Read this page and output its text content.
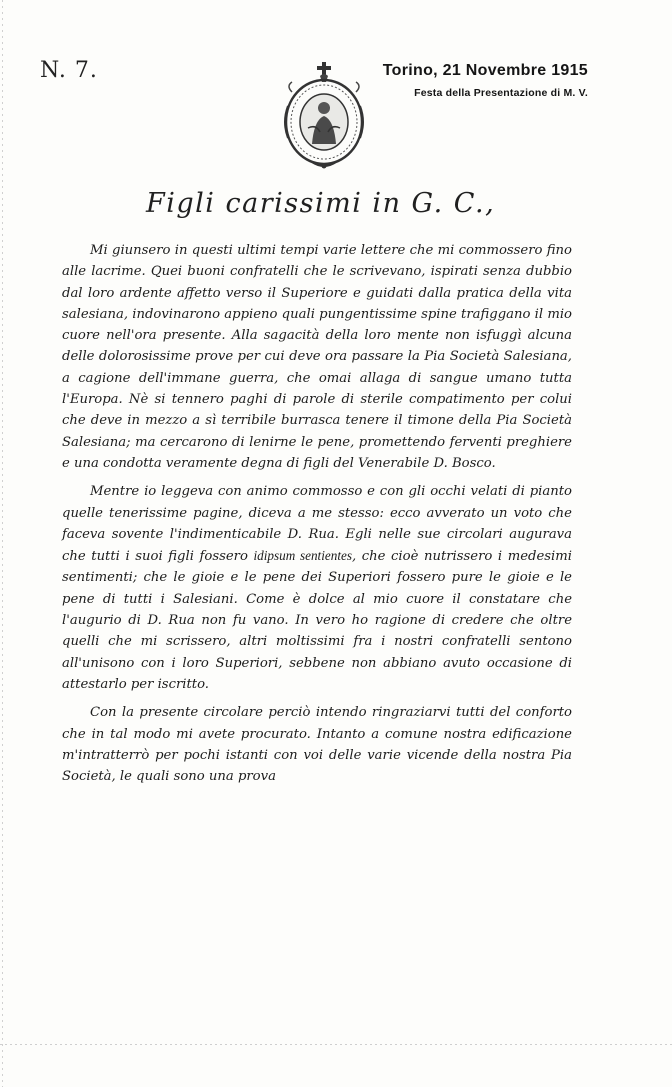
N. 7.	Torino, 21 Novembre 1915
Festa della Presentazione di M. V.
Figli carissimi in G. C.,

Mi giunsero in questi ultimi tempi varie lettere che mi commossero fino alle lacrime. Quei buoni confratelli che le scrivevano, ispirati senza dubbio dal loro ardente affetto verso il Superiore e guidati dalla pratica della vita salesiana, indovinarono appieno quali pungentissime spine trafiggano il mio cuore nell'ora presente. Alla sagacità della loro mente non isfuggì alcuna delle dolorosissime prove per cui deve ora passare la Pia Società Salesiana, a cagione dell'immane guerra, che omai allaga di sangue umano tutta l'Europa. Nè si tennero paghi di parole di sterile compatimento per colui che deve in mezzo a sì terribile burrasca tenere il timone della Pia Società Salesiana; ma cercarono di lenirne le pene, promettendo ferventi preghiere e una condotta veramente degna di figli del Venerabile D. Bosco.

Mentre io leggeva con animo commosso e con gli occhi velati di pianto quelle tenerissime pagine, diceva a me stesso: ecco avverato un voto che faceva sovente l'indimenticabile D. Rua. Egli nelle sue circolari augurava che tutti i suoi figli fossero idipsum sentientes, che cioè nutrissero i medesimi sentimenti; che le gioie e le pene dei Superiori fossero pure le gioie e le pene di tutti i Salesiani. Come è dolce al mio cuore il constatare che l'augurio di D. Rua non fu vano. In vero ho ragione di credere che oltre quelli che mi scrissero, altri moltissimi fra i nostri confratelli sentono all'unisono con i loro Superiori, sebbene non abbiano avuto occasione di attestarlo per iscritto.

Con la presente circolare perciò intendo ringraziarvi tutti del conforto che in tal modo mi avete procurato. Intanto a comune nostra edificazione m'intratterrò per pochi istanti con voi delle varie vicende della nostra Pia Società, le quali sono una prova
